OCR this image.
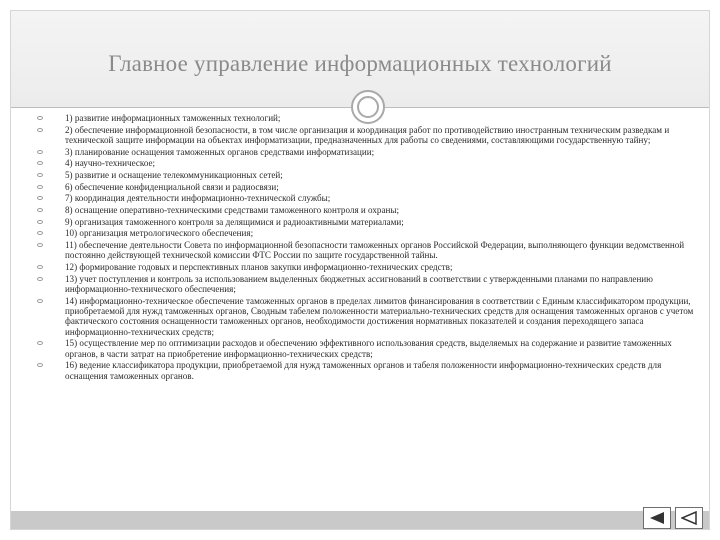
Главное управление информационных технологий
1) развитие информационных таможенных технологий;
2) обеспечение информационной безопасности, в том числе организация и координация работ по противодействию иностранным техническим разведкам и технической защите информации на объектах информатизации, предназначенных для работы со сведениями, составляющими государственную тайну;
3) планирование оснащения таможенных органов средствами информатизации;
4) научно-техническое;
5) развитие и оснащение телекоммуникационных сетей;
6) обеспечение конфиденциальной связи и радиосвязи;
7) координация деятельности информационно-технической службы;
8) оснащение оперативно-техническими средствами таможенного контроля и охраны;
9) организация таможенного контроля за делящимися и радиоактивными материалами;
10) организация метрологического обеспечения;
11) обеспечение деятельности Совета по информационной безопасности таможенных органов Российской Федерации, выполняющего функции ведомственной постоянно действующей технической комиссии ФТС России по защите государственной тайны.
12) формирование годовых и перспективных планов закупки информационно-технических средств;
13) учет поступления и контроль за использованием выделенных бюджетных ассигнований в соответствии с утвержденными планами по направлению информационно-технического обеспечения;
14) информационно-техническое обеспечение таможенных органов в пределах лимитов финансирования в соответствии с Единым классификатором продукции, приобретаемой для нужд таможенных органов, Сводным табелем положенности материально-технических средств для оснащения таможенных органов с учетом фактического состояния оснащенности таможенных органов, необходимости достижения нормативных показателей и создания переходящего запаса информационно-технических средств;
15) осуществление мер по оптимизации расходов и обеспечению эффективного использования средств, выделяемых на содержание и развитие таможенных органов, в части затрат на приобретение информационно-технических средств;
16) ведение классификатора продукции, приобретаемой для нужд таможенных органов и табеля положенности информационно-технических средств для оснащения таможенных органов.
